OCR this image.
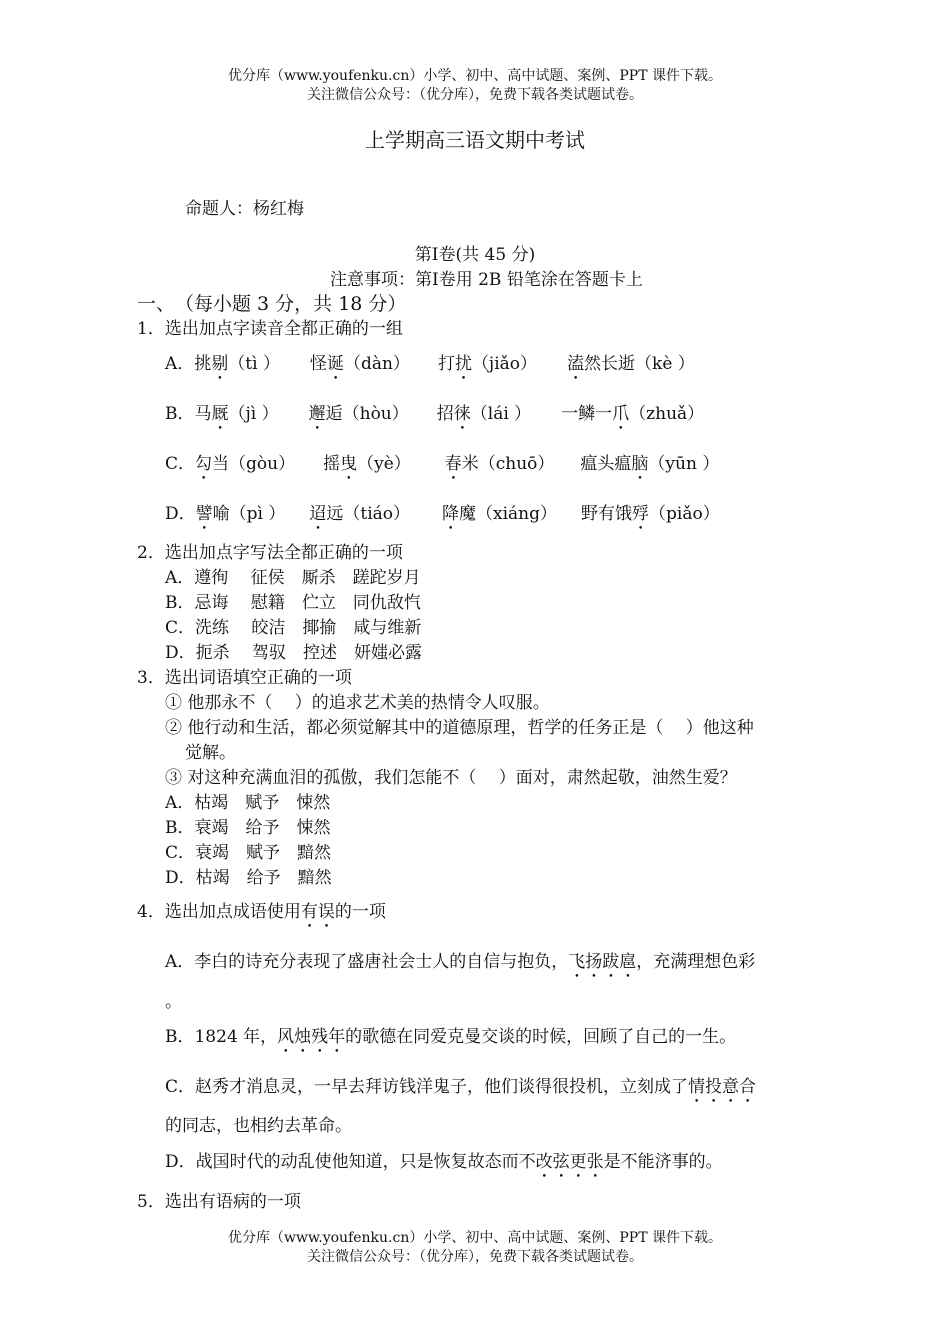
优分库（www.youfenku.cn）小学、初中、高中试题、案例、PPT 课件下载。
关注微信公众号：（优分库），免费下载各类试题试卷。
上学期高三语文期中考试
命题人：杨红梅
第Ⅰ卷(共 45 分)
注意事项：第Ⅰ卷用 2B 铅笔涂在答题卡上
一、　（每小题 3 分，共 18 分）
1．选出加点字读音全都正确的一组
A．挑剔（tì ） 怪诞（dàn） 打扰（jiǎo） 溘然长逝（kè ）
B．马厩（jì ） 邂逅（hòu） 招徕（lái ） 一鳞一爪（zhuǎ）
C．勾当（gòu） 摇曳（yè） 春米（chuō） 瘟头瘟脑（yūn ）
D．譬喻（pì ） 迢远（tiáo） 降魔（xiáng） 野有饿殍（piǎo）
2．选出加点字写法全都正确的一项
A．遵徇　 征侯　厮杀　蹉跎岁月
B．忌诲　 慰籍　伫立　同仇敌忾
C．洗练　 皎洁　揶揄　咸与维新
D．扼杀　 驾驭　控述　妍媸必露
3．选出词语填空正确的一项
① 他那永不（　 ）的追求艺术美的热情令人叹服。
② 他行动和生活，都必须觉解其中的道德原理，哲学的任务正是（　 ）他这种
觉解。
③ 对这种充满血泪的孤傲，我们怎能不（　 ）面对，肃然起敬，油然生爱？
A．枯竭　赋予　悚然
B．衰竭　给予　悚然
C．衰竭　赋予　黯然
D．枯竭　给予　黯然
4．选出加点成语使用有误的一项
A．李白的诗充分表现了盛唐社会士人的自信与抱负，飞扬跋扈，充满理想色彩
。
B．1824 年，风烛残年的歌德在同爱克曼交谈的时候，回顾了自己的一生。
C．赵秀才消息灵，一早去拜访钱洋鬼子，他们谈得很投机，立刻成了情投意合
的同志，也相约去革命。
D．战国时代的动乱使他知道，只是恢复故态而不改弦更张是不能济事的。
5．选出有语病的一项
优分库（www.youfenku.cn）小学、初中、高中试题、案例、PPT 课件下载。
关注微信公众号：（优分库），免费下载各类试题试卷。
